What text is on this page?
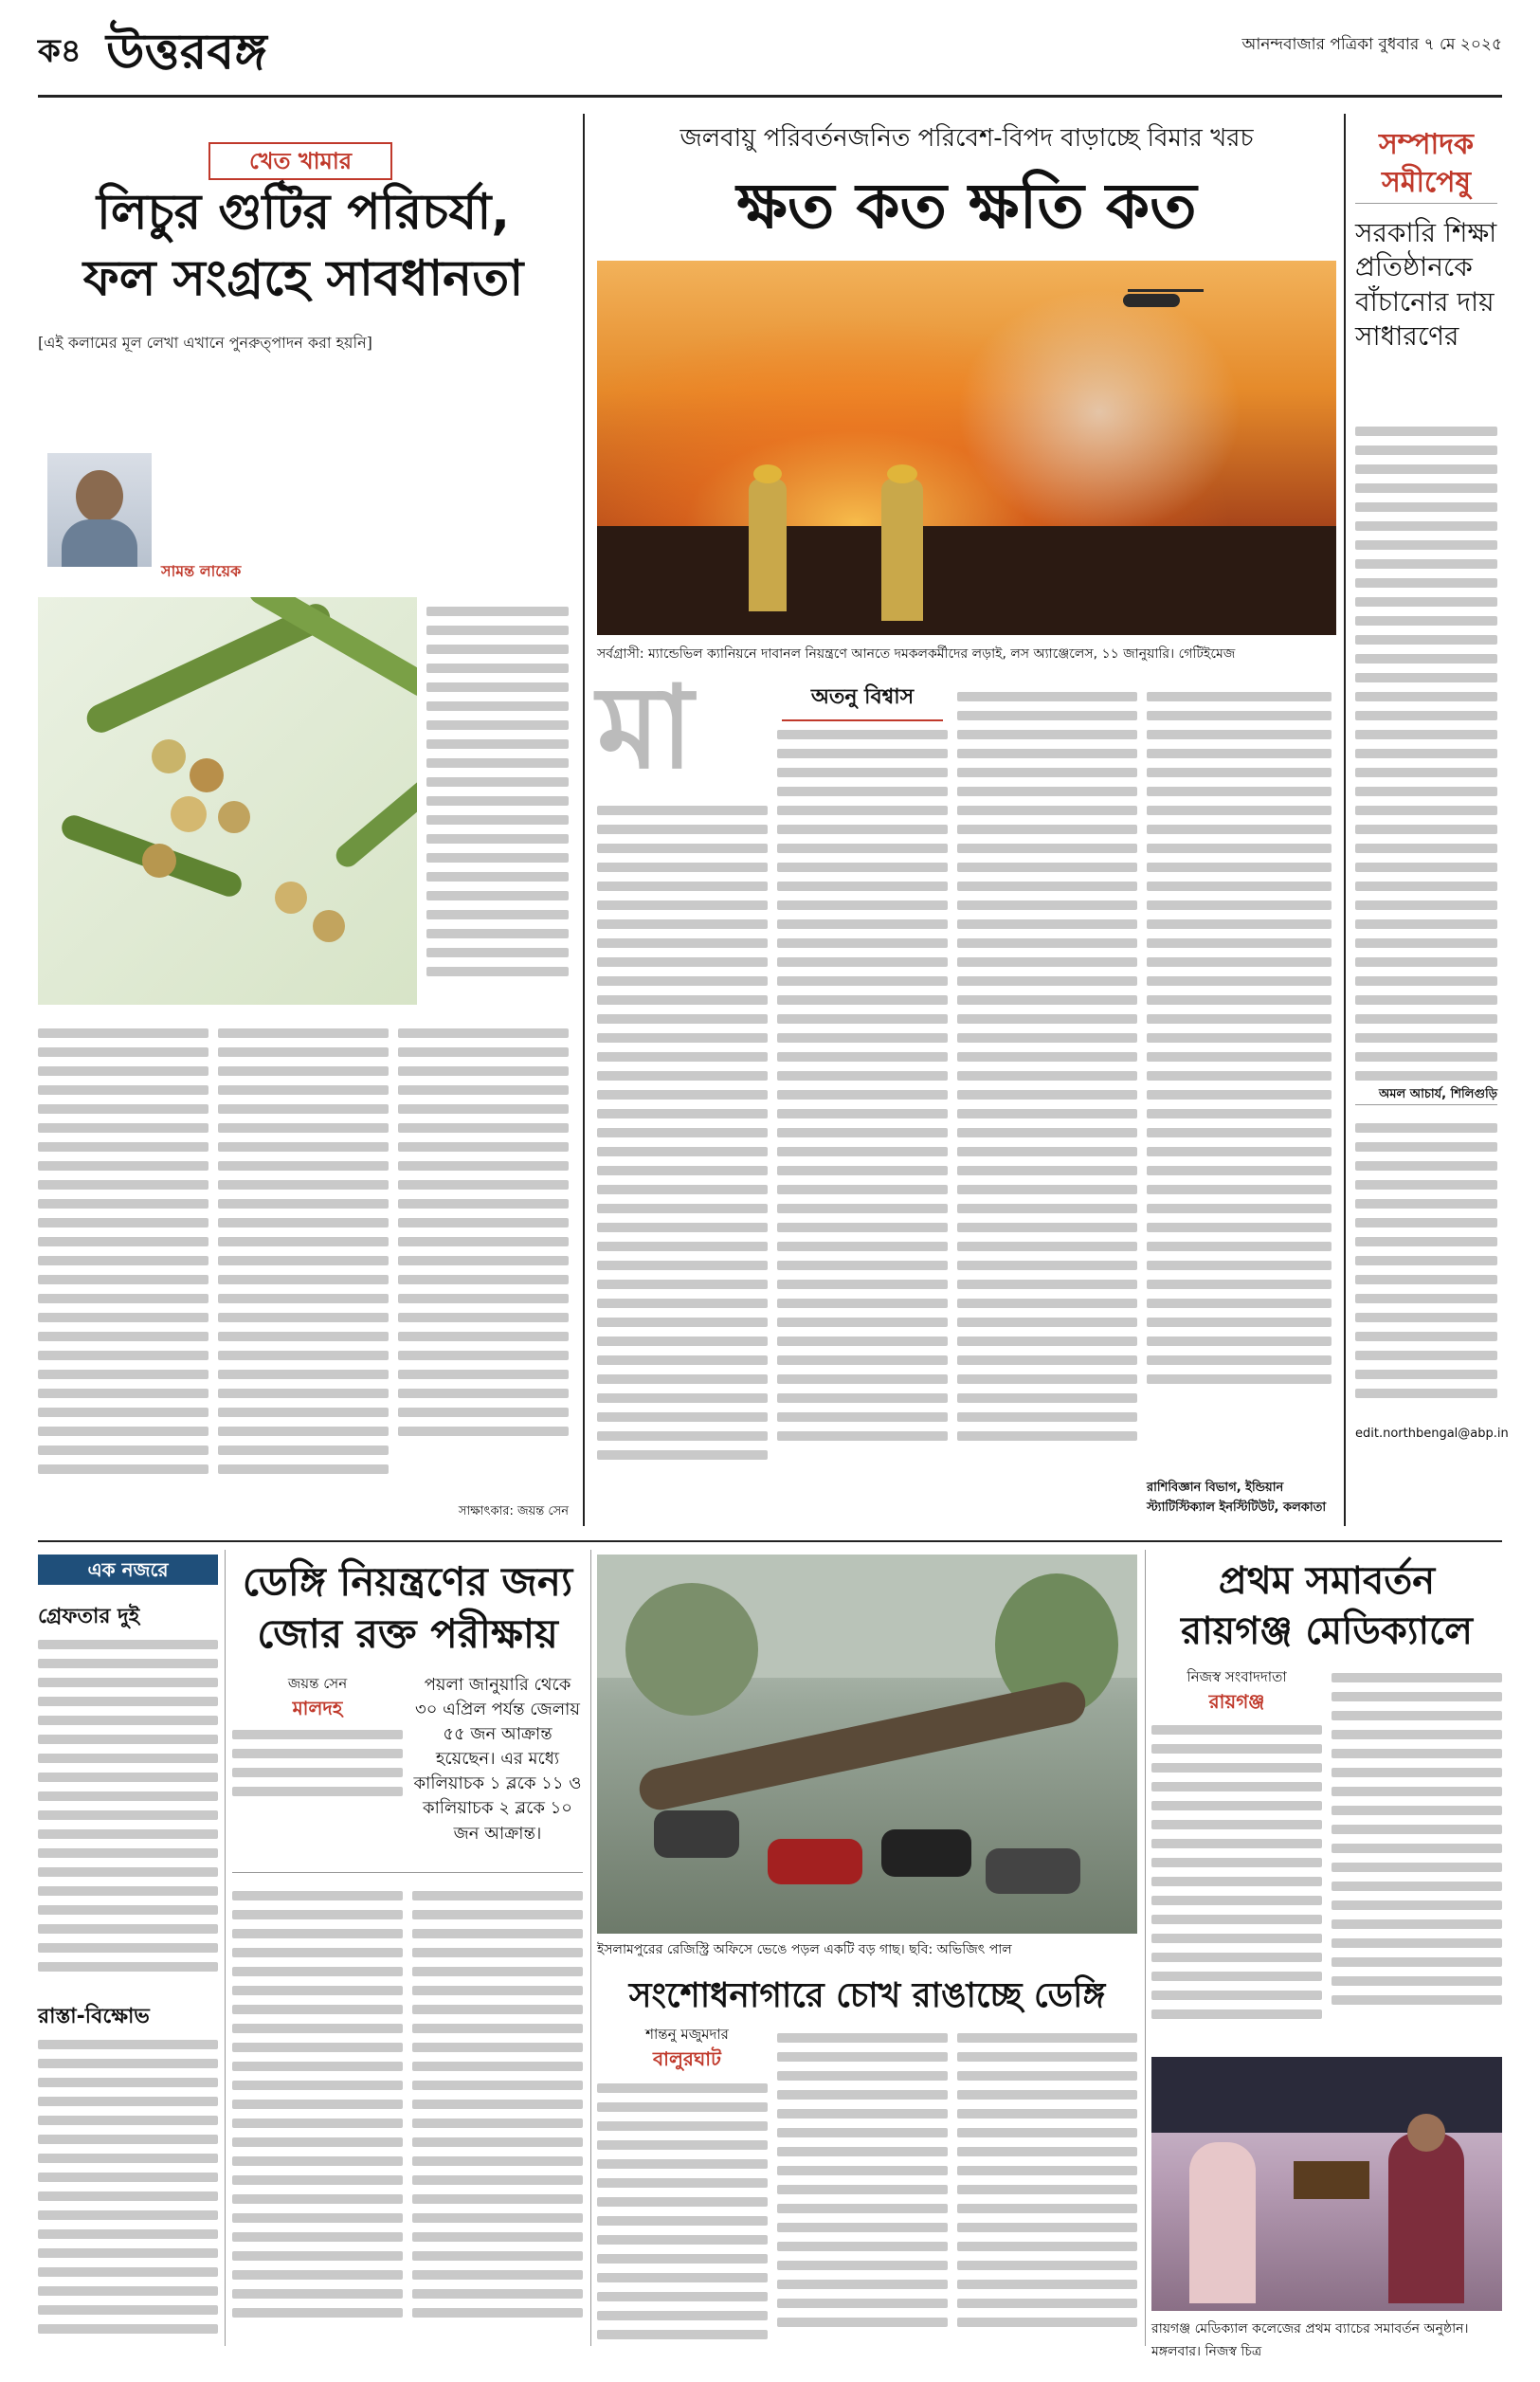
ক৪ উত্তরবঙ্গ	আনন্দবাজার পত্রিকা বুধবার ৭ মে ২০২৫
খেত খামার
লিচুর গুটির পরিচর্যা,
ফল সংগ্রহে সাবধানতা
[এই কলামের মূল লেখা এখানে পুনরুত্পাদন করা হয়নি]
সামন্ত লায়েক
সাক্ষাৎকার: জয়ন্ত সেন
জলবায়ু পরিবর্তনজনিত পরিবেশ-বিপদ বাড়াচ্ছে বিমার খরচ
ক্ষত কত ক্ষতি কত
সর্বগ্রাসী: ম্যান্ডেভিল ক্যানিয়নে দাবানল নিয়ন্ত্রণে আনতে দমকলকর্মীদের লড়াই, লস অ্যাঞ্জেলেস, ১১ জানুয়ারি। গেটিইমেজ
মা	অতনু বিশ্বাস
রাশিবিজ্ঞান বিভাগ, ইন্ডিয়ান স্ট্যাটিস্টিক্যাল ইনস্টিটিউট, কলকাতা
সম্পাদক
সমীপেষু
সরকারি শিক্ষা প্রতিষ্ঠানকে বাঁচানোর দায় সাধারণের
অমল আচার্য, শিলিগুড়ি
edit.northbengal@abp.in
এক নজরে
গ্রেফতার দুই
রাস্তা-বিক্ষোভ
ডেঙ্গি নিয়ন্ত্রণের জন্য
জোর রক্ত পরীক্ষায়
জয়ন্ত সেন
মালদহ
পয়লা জানুয়ারি থেকে ৩০ এপ্রিল পর্যন্ত জেলায় ৫৫ জন আক্রান্ত হয়েছেন। এর মধ্যে কালিয়াচক ১ ব্লকে ১১ ও কালিয়াচক ২ ব্লকে ১০ জন আক্রান্ত।
ইসলামপুরের রেজিস্ট্রি অফিসে ভেঙে পড়ল একটি বড় গাছ। ছবি: অভিজিৎ পাল
সংশোধনাগারে চোখ রাঙাচ্ছে ডেঙ্গি
শান্তনু মজুমদার
বালুরঘাট
প্রথম সমাবর্তন
রায়গঞ্জ মেডিক্যালে
নিজস্ব সংবাদদাতা
রায়গঞ্জ
রায়গঞ্জ মেডিক্যাল কলেজের প্রথম ব্যাচের সমাবর্তন অনুষ্ঠান। মঙ্গলবার। নিজস্ব চিত্র
